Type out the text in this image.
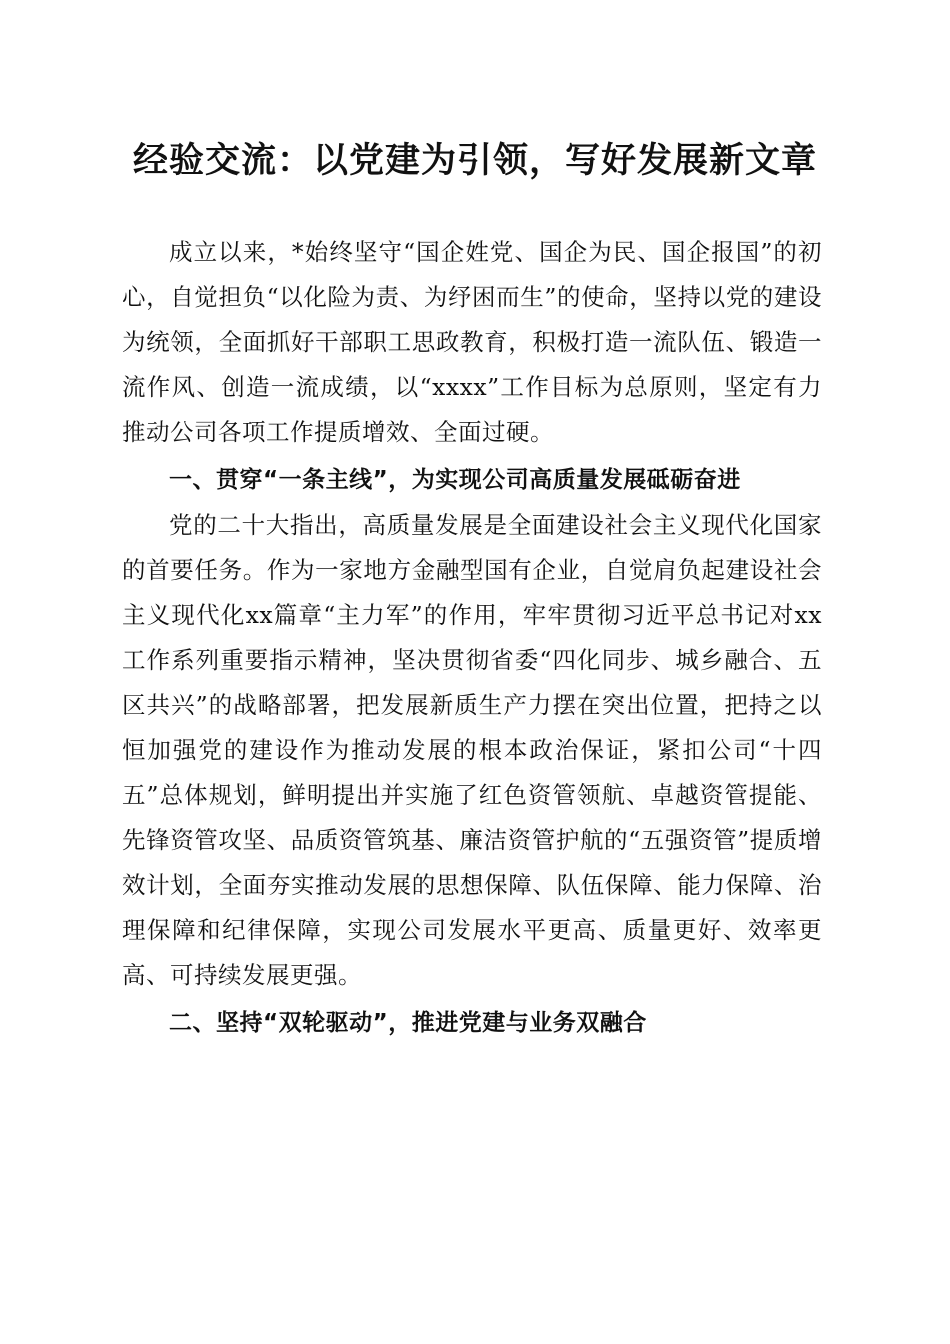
经验交流：以党建为引领，写好发展新文章

成立以来，*始终坚守“国企姓党、国企为民、国企报国”的初心，自觉担负“以化险为责、为纾困而生”的使命，坚持以党的建设为统领，全面抓好干部职工思政教育，积极打造一流队伍、锻造一流作风、创造一流成绩，以“xxxx”工作目标为总原则，坚定有力推动公司各项工作提质增效、全面过硬。

一、贯穿“一条主线”，为实现公司高质量发展砥砺奋进

党的二十大指出，高质量发展是全面建设社会主义现代化国家的首要任务。作为一家地方金融型国有企业，自觉肩负起建设社会主义现代化xx篇章“主力军”的作用，牢牢贯彻习近平总书记对xx工作系列重要指示精神，坚决贯彻省委“四化同步、城乡融合、五区共兴”的战略部署，把发展新质生产力摆在突出位置，把持之以恒加强党的建设作为推动发展的根本政治保证，紧扣公司“十四五”总体规划，鲜明提出并实施了红色资管领航、卓越资管提能、先锋资管攻坚、品质资管筑基、廉洁资管护航的“五强资管”提质增效计划，全面夯实推动发展的思想保障、队伍保障、能力保障、治理保障和纪律保障，实现公司发展水平更高、质量更好、效率更高、可持续发展更强。

二、坚持“双轮驱动”，推进党建与业务双融合
